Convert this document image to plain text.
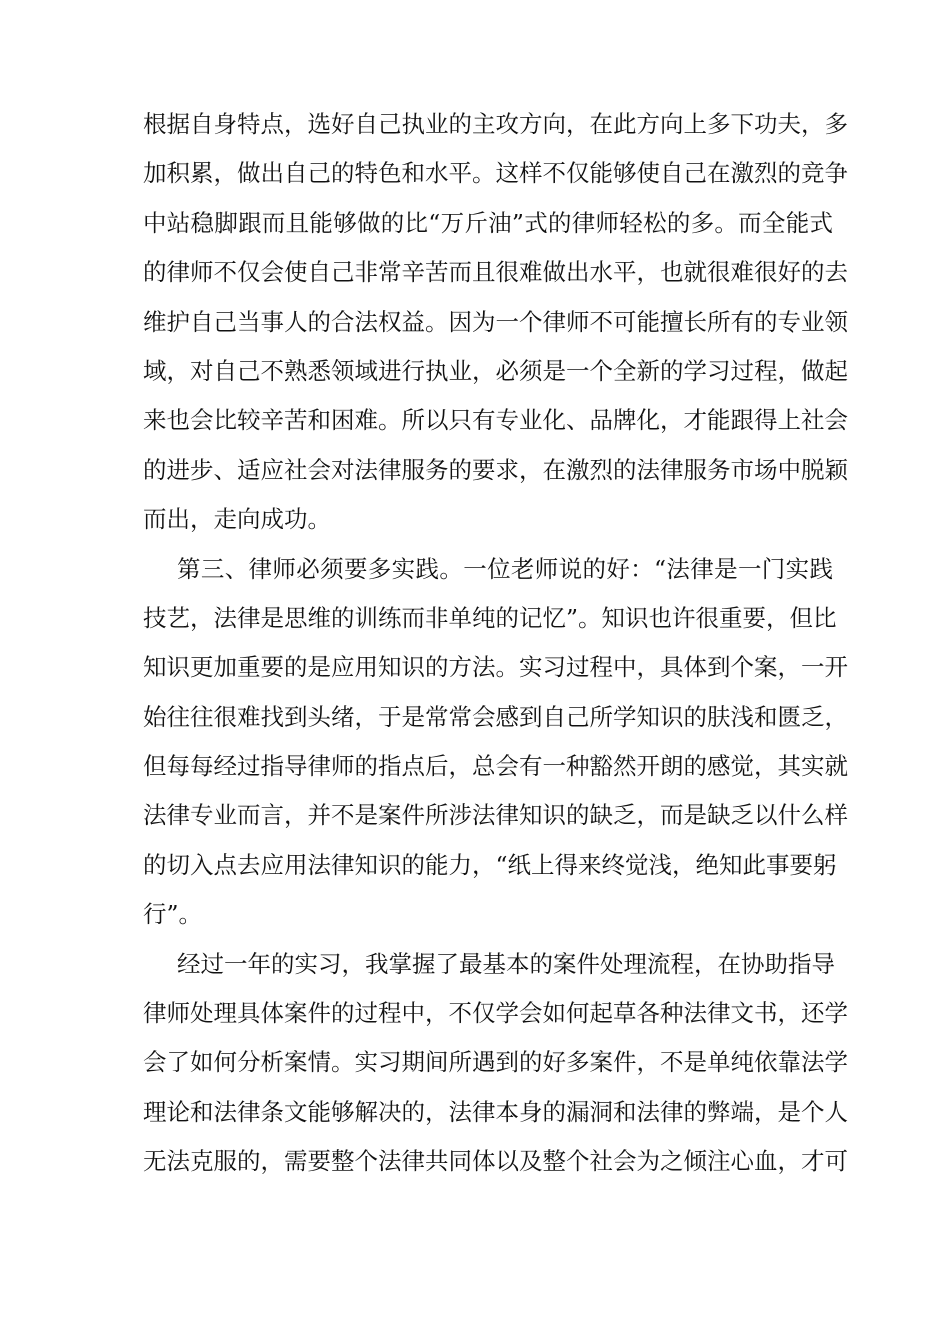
根据自身特点，选好自己执业的主攻方向，在此方向上多下功夫，多
加积累，做出自己的特色和水平。这样不仅能够使自己在激烈的竞争
中站稳脚跟而且能够做的比“万斤油”式的律师轻松的多。而全能式
的律师不仅会使自己非常辛苦而且很难做出水平，也就很难很好的去
维护自己当事人的合法权益。因为一个律师不可能擅长所有的专业领
域，对自己不熟悉领域进行执业，必须是一个全新的学习过程，做起
来也会比较辛苦和困难。所以只有专业化、品牌化，才能跟得上社会
的进步、适应社会对法律服务的要求，在激烈的法律服务市场中脱颖
而出，走向成功。
第三、律师必须要多实践。一位老师说的好：“法律是一门实践
技艺，法律是思维的训练而非单纯的记忆”。知识也许很重要，但比
知识更加重要的是应用知识的方法。实习过程中，具体到个案，一开
始往往很难找到头绪，于是常常会感到自己所学知识的肤浅和匮乏，
但每每经过指导律师的指点后，总会有一种豁然开朗的感觉，其实就
法律专业而言，并不是案件所涉法律知识的缺乏，而是缺乏以什么样
的切入点去应用法律知识的能力，“纸上得来终觉浅，绝知此事要躬
行”。
经过一年的实习，我掌握了最基本的案件处理流程，在协助指导
律师处理具体案件的过程中，不仅学会如何起草各种法律文书，还学
会了如何分析案情。实习期间所遇到的好多案件，不是单纯依靠法学
理论和法律条文能够解决的，法律本身的漏洞和法律的弊端，是个人
无法克服的，需要整个法律共同体以及整个社会为之倾注心血，才可
